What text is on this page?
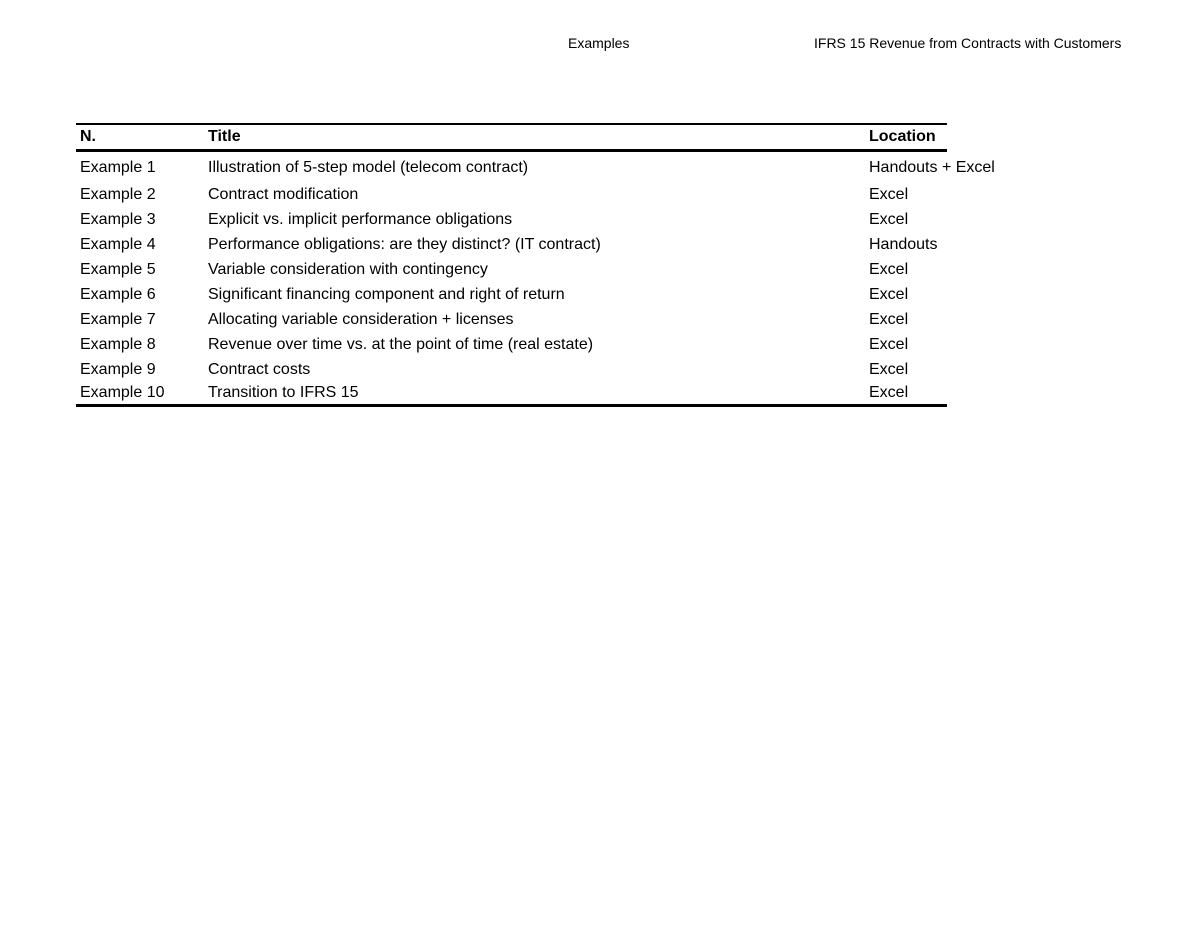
Examples	IFRS 15 Revenue from Contracts with Customers
N.	Title	Location
Example 1	Illustration of 5-step model (telecom contract)	Handouts + Excel
Example 2	Contract modification	Excel
Example 3	Explicit vs. implicit performance obligations	Excel
Example 4	Performance obligations: are they distinct? (IT contract)	Handouts
Example 5	Variable consideration with contingency	Excel
Example 6	Significant financing component and right of return	Excel
Example 7	Allocating variable consideration + licenses	Excel
Example 8	Revenue over time vs. at the point of time (real estate)	Excel
Example 9	Contract costs	Excel
Example 10	Transition to IFRS 15	Excel
